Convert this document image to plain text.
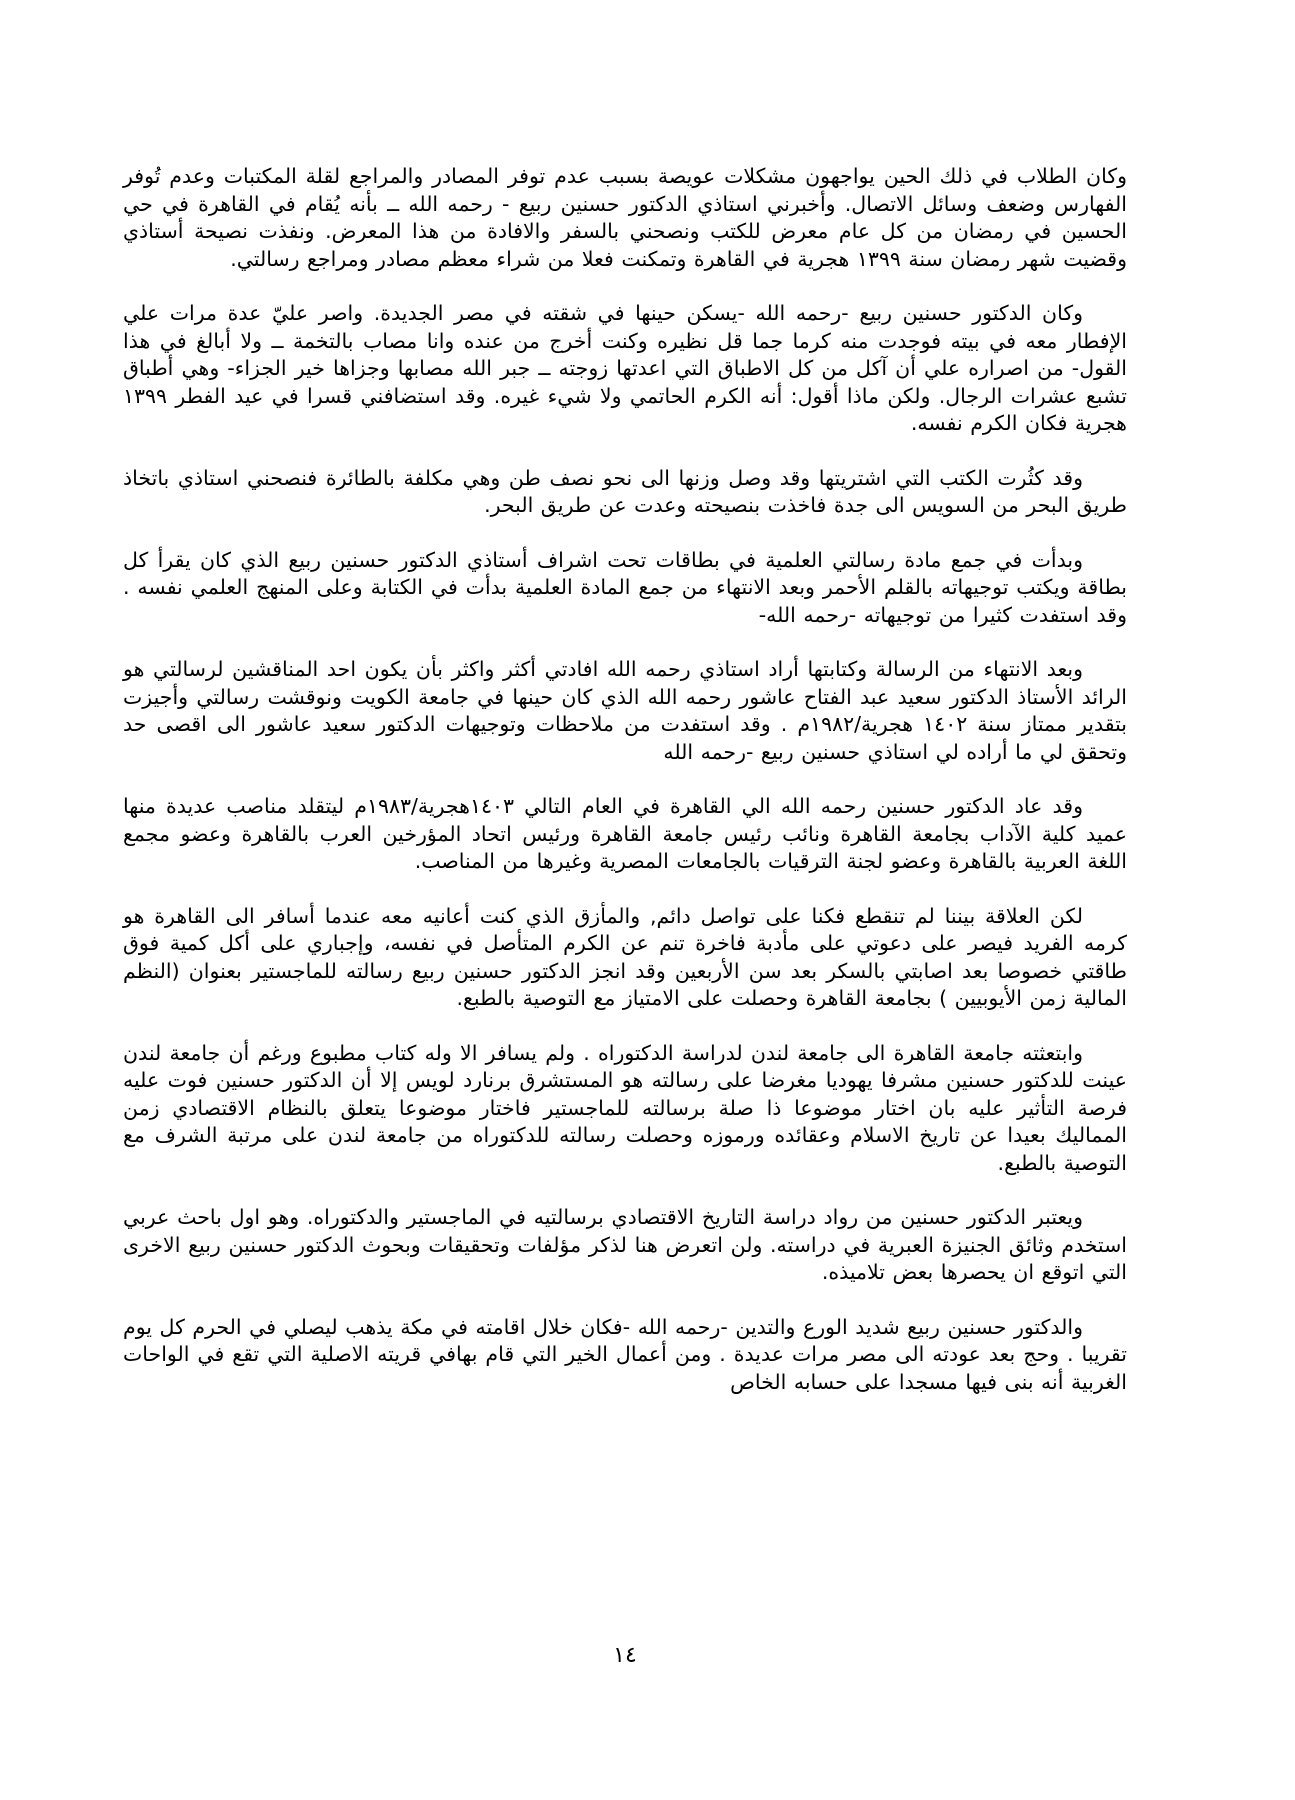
وكان الطلاب في ذلك الحين يواجهون مشكلات عويصة بسبب عدم توفر المصادر والمراجع لقلة المكتبات وعدم تُوفر الفهارس وضعف وسائل الاتصال. وأخبرني استاذي الدكتور حسنين ربيع - رحمه الله ــ بأنه يُقام في القاهرة في حي الحسين في رمضان من كل عام معرض للكتب ونصحني بالسفر والافادة من هذا المعرض. ونفذت نصيحة أستاذي وقضيت شهر رمضان سنة ١٣٩٩ هجرية في القاهرة وتمكنت فعلا من شراء معظم مصادر ومراجع رسالتي.

وكان الدكتور حسنين ربيع -رحمه الله -يسكن حينها في شقته في مصر الجديدة. واصر عليّ عدة مرات علي الإفطار معه في بيته فوجدت منه كرما جما قل نظيره وكنت أخرج من عنده وانا مصاب بالتخمة ــ ولا أبالغ في هذا القول- من اصراره علي أن آكل من كل الاطباق التي اعدتها زوجته ــ جبر الله مصابها وجزاها خير الجزاء- وهي أطباق تشبع عشرات الرجال. ولكن ماذا أقول: أنه الكرم الحاتمي ولا شيء غيره. وقد استضافني قسرا في عيد الفطر ١٣٩٩ هجرية فكان الكرم نفسه.

وقد كثُرت الكتب التي اشتريتها وقد وصل وزنها الى نحو نصف طن وهي مكلفة بالطائرة فنصحني استاذي باتخاذ طريق البحر من السويس الى جدة فاخذت بنصيحته وعدت عن طريق البحر.

وبدأت في جمع مادة رسالتي العلمية في بطاقات تحت اشراف أستاذي الدكتور حسنين ربيع الذي كان يقرأ كل بطاقة ويكتب توجيهاته بالقلم الأحمر وبعد الانتهاء من جمع المادة العلمية بدأت في الكتابة وعلى المنهج العلمي نفسه . وقد استفدت كثيرا من توجيهاته -رحمه الله-

وبعد الانتهاء من الرسالة وكتابتها أراد استاذي رحمه الله افادتي أكثر واكثر بأن يكون احد المناقشين لرسالتي هو الرائد الأستاذ الدكتور سعيد عبد الفتاح عاشور رحمه الله الذي كان حينها في جامعة الكويت ونوقشت رسالتي وأجيزت بتقدير ممتاز سنة ١٤٠٢ هجرية/١٩٨٢م . وقد استفدت من ملاحظات وتوجيهات الدكتور سعيد عاشور الى اقصى حد وتحقق لي ما أراده لي استاذي حسنين ربيع -رحمه الله

وقد عاد الدكتور حسنين رحمه الله الي القاهرة في العام التالي ١٤٠٣هجرية/١٩٨٣م ليتقلد مناصب عديدة منها عميد كلية الآداب بجامعة القاهرة ونائب رئيس جامعة القاهرة ورئيس اتحاد المؤرخين العرب بالقاهرة وعضو مجمع اللغة العربية بالقاهرة وعضو لجنة الترقيات بالجامعات المصرية وغيرها من المناصب.

لكن العلاقة بيننا لم تنقطع فكنا على تواصل دائم, والمأزق الذي كنت أعانيه معه عندما أسافر الى القاهرة هو كرمه الفريد فيصر على دعوتي على مأدبة فاخرة تنم عن الكرم المتأصل في نفسه، وإجباري على أكل كمية فوق طاقتي خصوصا بعد اصابتي بالسكر بعد سن الأربعين وقد انجز الدكتور حسنين ربيع رسالته للماجستير بعنوان (النظم المالية زمن الأيوبيين ) بجامعة القاهرة وحصلت على الامتياز مع التوصية بالطبع.

وابتعثته جامعة القاهرة الى جامعة لندن لدراسة الدكتوراه . ولم يسافر الا وله كتاب مطبوع ورغم أن جامعة لندن عينت للدكتور حسنين مشرفا يهوديا مغرضا على رسالته هو المستشرق برنارد لويس إلا أن الدكتور حسنين فوت عليه فرصة التأثير عليه بان اختار موضوعا ذا صلة برسالته للماجستير فاختار موضوعا يتعلق بالنظام الاقتصادي زمن المماليك بعيدا عن تاريخ الاسلام وعقائده ورموزه وحصلت رسالته للدكتوراه من جامعة لندن على مرتبة الشرف مع التوصية بالطبع.

ويعتبر الدكتور حسنين من رواد دراسة التاريخ الاقتصادي برسالتيه في الماجستير والدكتوراه. وهو اول باحث عربي استخدم وثائق الجنيزة العبرية في دراسته. ولن اتعرض هنا لذكر مؤلفات وتحقيقات وبحوث الدكتور حسنين ربيع الاخرى التي اتوقع ان يحصرها بعض تلاميذه.

والدكتور حسنين ربيع شديد الورع والتدين -رحمه الله -فكان خلال اقامته في مكة يذهب ليصلي في الحرم كل يوم تقريبا . وحج بعد عودته الى مصر مرات عديدة . ومن أعمال الخير التي قام بهافي قريته الاصلية التي تقع في الواحات الغربية أنه بنى فيها مسجدا على حسابه الخاص

١٤
